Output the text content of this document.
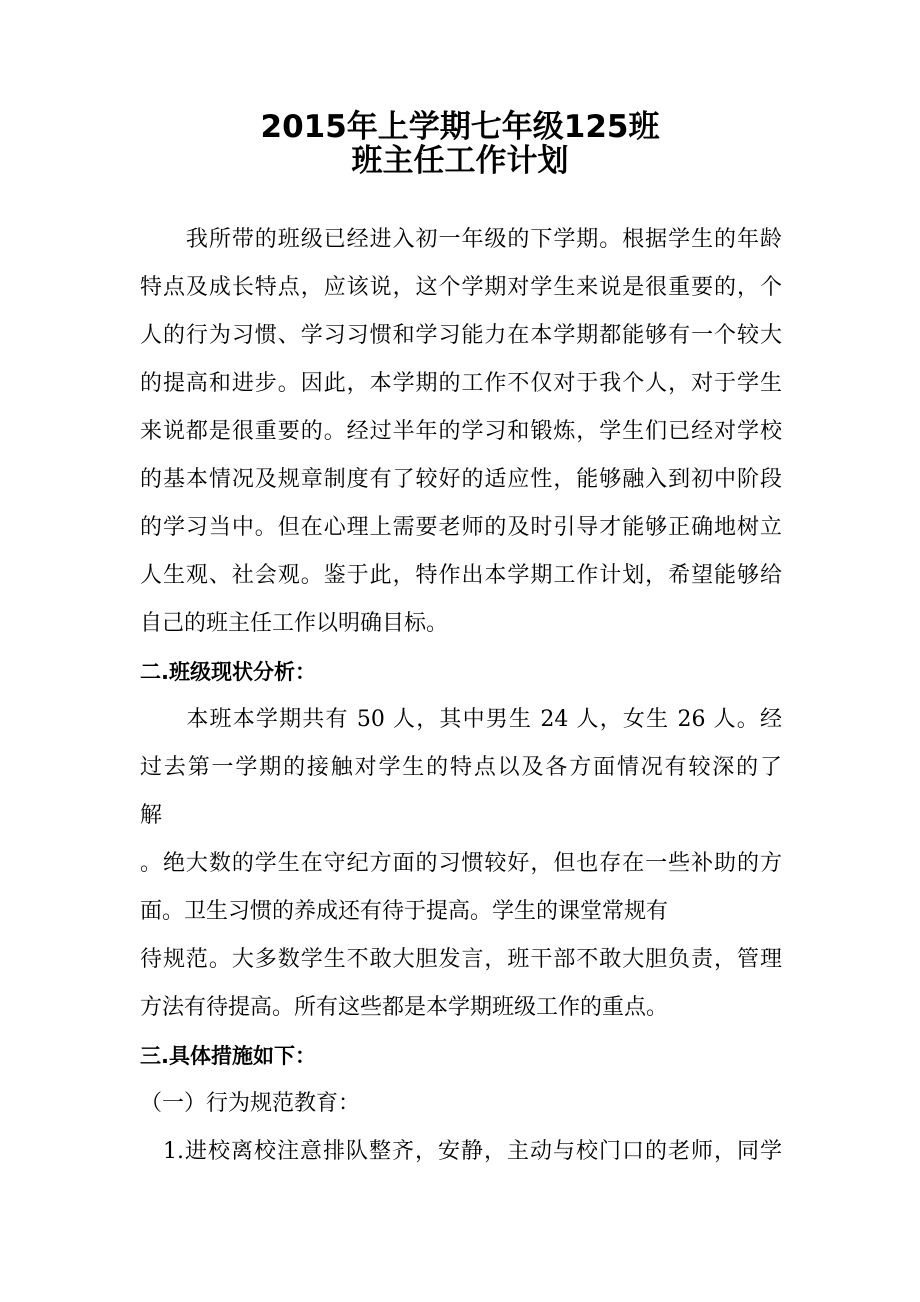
2015年上学期七年级125班
班主任工作计划
　　我所带的班级已经进入初一年级的下学期。根据学生的年龄
特点及成长特点，应该说，这个学期对学生来说是很重要的，个
人的行为习惯、学习习惯和学习能力在本学期都能够有一个较大
的提高和进步。因此，本学期的工作不仅对于我个人，对于学生
来说都是很重要的。经过半年的学习和锻炼，学生们已经对学校
的基本情况及规章制度有了较好的适应性，能够融入到初中阶段
的学习当中。但在心理上需要老师的及时引导才能够正确地树立
人生观、社会观。鉴于此，特作出本学期工作计划，希望能够给
自己的班主任工作以明确目标。
二.班级现状分析：
　　本班本学期共有 50 人，其中男生 24 人，女生 26 人。经
过去第一学期的接触对学生的特点以及各方面情况有较深的了
解
。绝大数的学生在守纪方面的习惯较好，但也存在一些补助的方
面。卫生习惯的养成还有待于提高。学生的课堂常规有
待规范。大多数学生不敢大胆发言，班干部不敢大胆负责，管理
方法有待提高。所有这些都是本学期班级工作的重点。
三.具体措施如下：
（一）行为规范教育：
　1.进校离校注意排队整齐，安静，主动与校门口的老师，同学
